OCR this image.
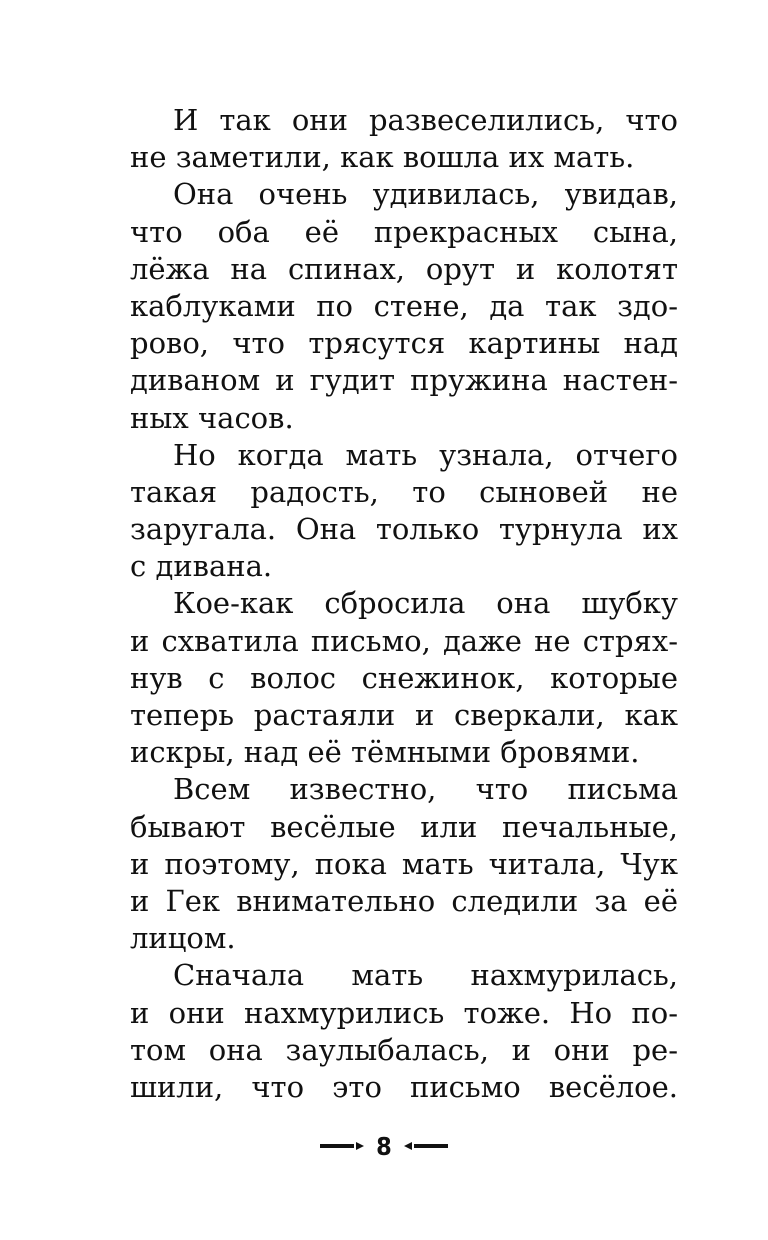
И так они развеселились, что
не заметили, как вошла их мать.

Она очень удивилась, увидав,
что оба её прекрасных сына,
лёжа на спинах, орут и колотят
каблуками по стене, да так здо-
рово, что трясутся картины над
диваном и гудит пружина настен-
ных часов.

Но когда мать узнала, отчего
такая радость, то сыновей не
заругала. Она только турнула их
с дивана.

Кое-как сбросила она шубку
и схватила письмо, даже не стрях-
нув с волос снежинок, которые
теперь растаяли и сверкали, как
искры, над её тёмными бровями.

Всем известно, что письма
бывают весёлые или печальные,
и поэтому, пока мать читала, Чук
и Гек внимательно следили за её
лицом.

Сначала мать нахмурилась,
и они нахмурились тоже. Но по-
том она заулыбалась, и они ре-
шили, что это письмо весёлое.

8
